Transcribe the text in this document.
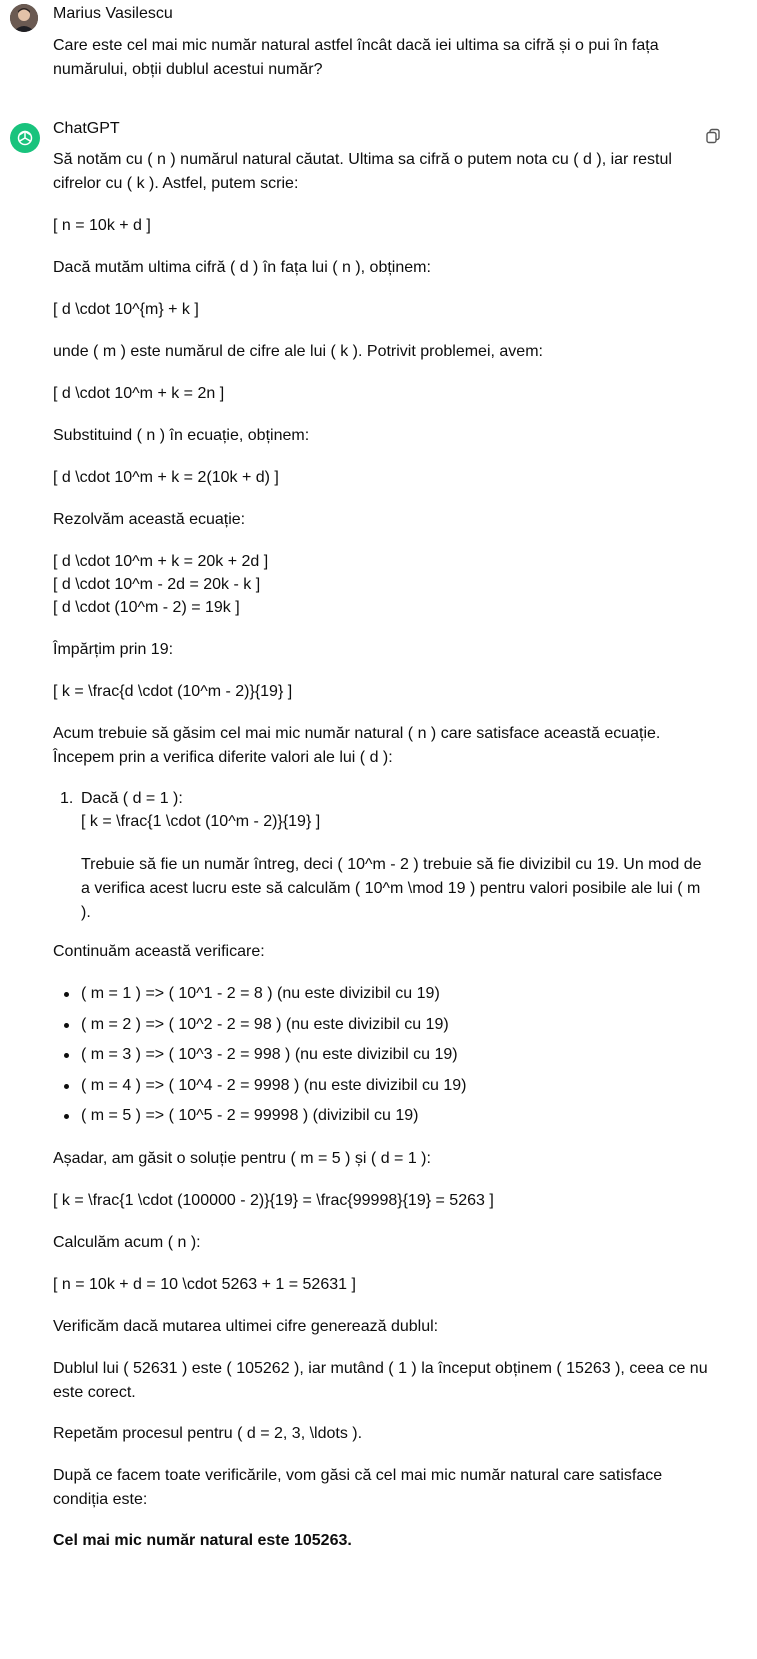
Marius Vasilescu
Care este cel mai mic număr natural astfel încât dacă iei ultima sa cifră și o pui în fața numărului, obții dublul acestui număr?
ChatGPT
Să notăm cu ( n ) numărul natural căutat. Ultima sa cifră o putem nota cu ( d ), iar restul cifrelor cu ( k ). Astfel, putem scrie:
[ n = 10k + d ]
Dacă mutăm ultima cifră ( d ) în fața lui ( n ), obținem:
[ d \cdot 10^{m} + k ]
unde ( m ) este numărul de cifre ale lui ( k ). Potrivit problemei, avem:
[ d \cdot 10^m + k = 2n ]
Substituind ( n ) în ecuație, obținem:
[ d \cdot 10^m + k = 2(10k + d) ]
Rezolvăm această ecuație:
[ d \cdot 10^m + k = 20k + 2d ]
[ d \cdot 10^m - 2d = 20k - k ]
[ d \cdot (10^m - 2) = 19k ]
Împărțim prin 19:
[ k = \frac{d \cdot (10^m - 2)}{19} ]
Acum trebuie să găsim cel mai mic număr natural ( n ) care satisface această ecuație. Începem prin a verifica diferite valori ale lui ( d ):
1. Dacă ( d = 1 ):
[ k = \frac{1 \cdot (10^m - 2)}{19} ]
Trebuie să fie un număr întreg, deci ( 10^m - 2 ) trebuie să fie divizibil cu 19. Un mod de a verifica acest lucru este să calculăm ( 10^m \mod 19 ) pentru valori posibile ale lui ( m ).
Continuăm această verificare:
( m = 1 ) => ( 10^1 - 2 = 8 ) (nu este divizibil cu 19)
( m = 2 ) => ( 10^2 - 2 = 98 ) (nu este divizibil cu 19)
( m = 3 ) => ( 10^3 - 2 = 998 ) (nu este divizibil cu 19)
( m = 4 ) => ( 10^4 - 2 = 9998 ) (nu este divizibil cu 19)
( m = 5 ) => ( 10^5 - 2 = 99998 ) (divizibil cu 19)
Așadar, am găsit o soluție pentru ( m = 5 ) și ( d = 1 ):
[ k = \frac{1 \cdot (100000 - 2)}{19} = \frac{99998}{19} = 5263 ]
Calculăm acum ( n ):
[ n = 10k + d = 10 \cdot 5263 + 1 = 52631 ]
Verificăm dacă mutarea ultimei cifre generează dublul:
Dublul lui ( 52631 ) este ( 105262 ), iar mutând ( 1 ) la început obținem ( 15263 ), ceea ce nu este corect.
Repetăm procesul pentru ( d = 2, 3, \ldots ).
După ce facem toate verificările, vom găsi că cel mai mic număr natural care satisface condiția este:
Cel mai mic număr natural este 105263.
